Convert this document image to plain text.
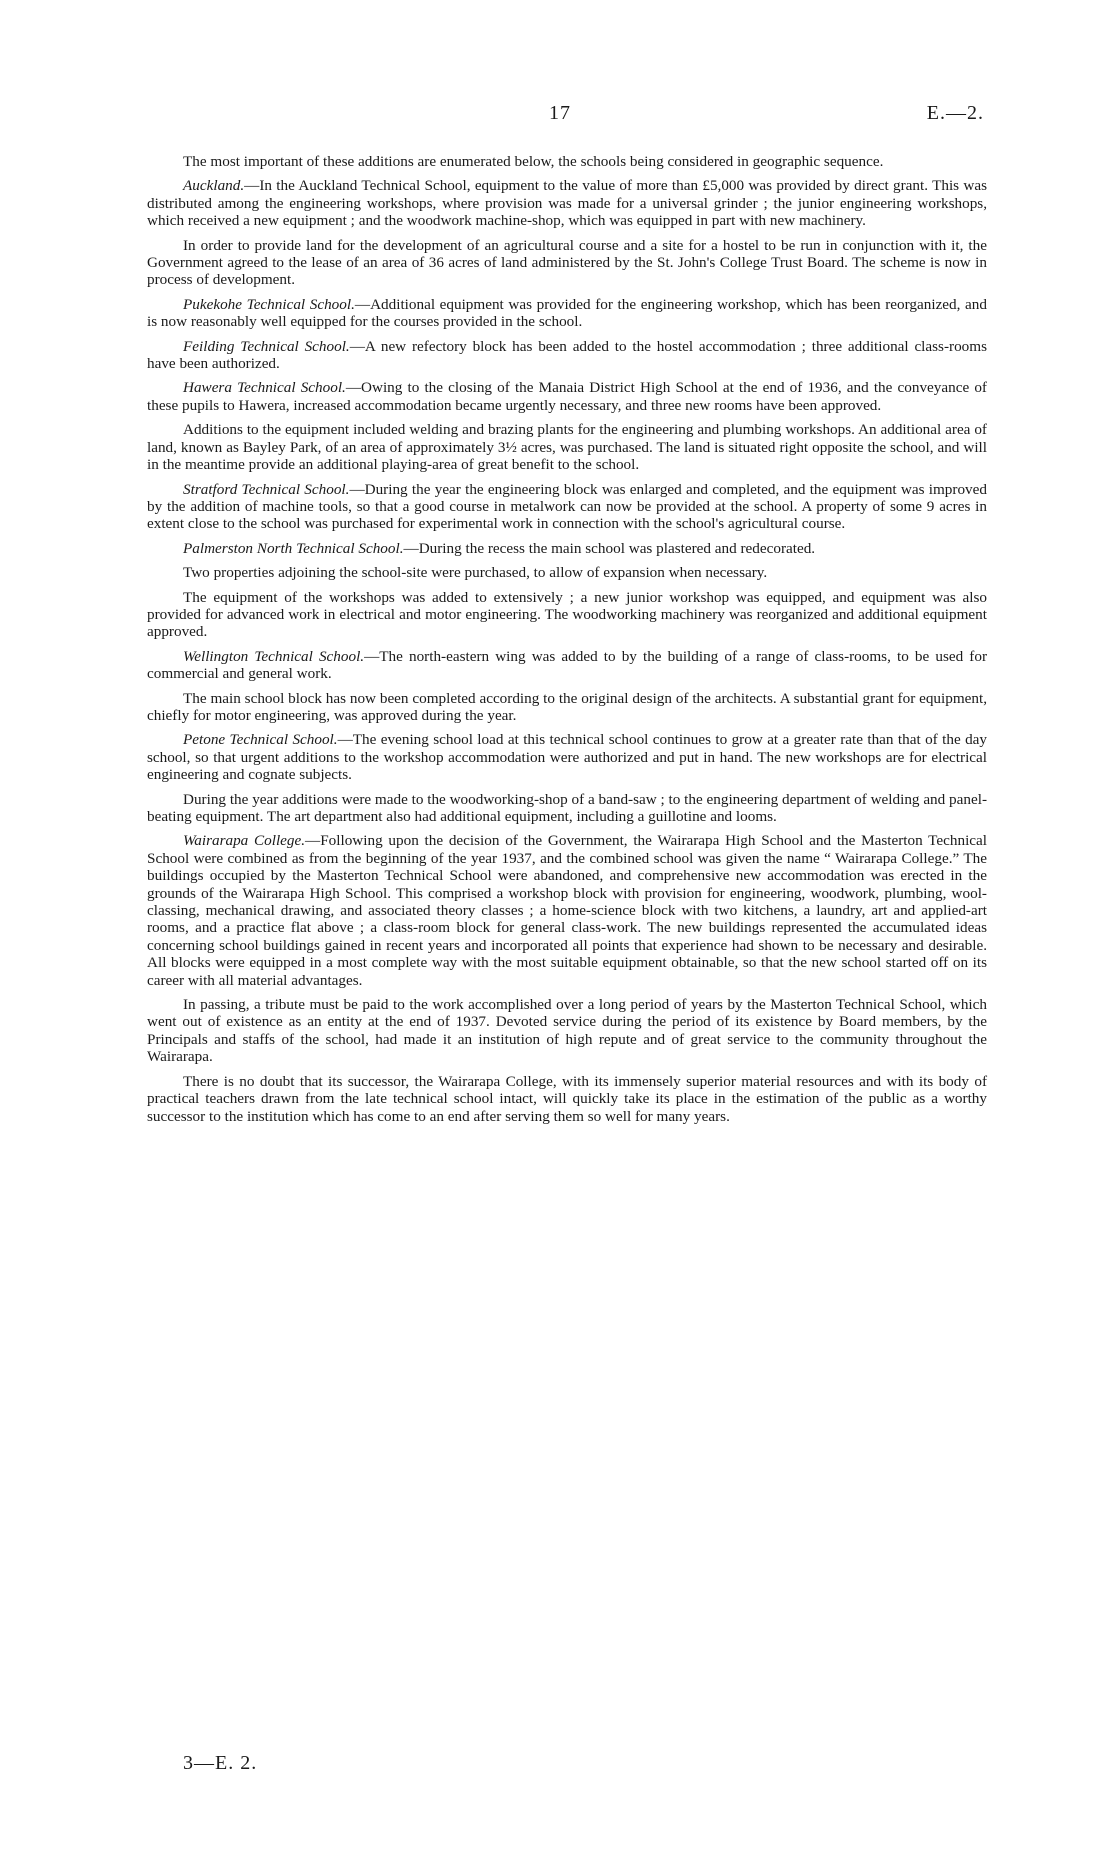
17	E.—2.

The most important of these additions are enumerated below, the schools being considered in geographic sequence.

Auckland.—In the Auckland Technical School, equipment to the value of more than £5,000 was provided by direct grant. This was distributed among the engineering workshops, where provision was made for a universal grinder ; the junior engineering workshops, which received a new equipment ; and the woodwork machine-shop, which was equipped in part with new machinery.

In order to provide land for the development of an agricultural course and a site for a hostel to be run in conjunction with it, the Government agreed to the lease of an area of 36 acres of land administered by the St. John's College Trust Board. The scheme is now in process of development.

Pukekohe Technical School.—Additional equipment was provided for the engineering workshop, which has been reorganized, and is now reasonably well equipped for the courses provided in the school.

Feilding Technical School.—A new refectory block has been added to the hostel accommodation ; three additional class-rooms have been authorized.

Hawera Technical School.—Owing to the closing of the Manaia District High School at the end of 1936, and the conveyance of these pupils to Hawera, increased accommodation became urgently necessary, and three new rooms have been approved.

Additions to the equipment included welding and brazing plants for the engineering and plumbing workshops. An additional area of land, known as Bayley Park, of an area of approximately 3½ acres, was purchased. The land is situated right opposite the school, and will in the meantime provide an additional playing-area of great benefit to the school.

Stratford Technical School.—During the year the engineering block was enlarged and completed, and the equipment was improved by the addition of machine tools, so that a good course in metalwork can now be provided at the school. A property of some 9 acres in extent close to the school was purchased for experimental work in connection with the school's agricultural course.

Palmerston North Technical School.—During the recess the main school was plastered and redecorated.

Two properties adjoining the school-site were purchased, to allow of expansion when necessary.

The equipment of the workshops was added to extensively ; a new junior workshop was equipped, and equipment was also provided for advanced work in electrical and motor engineering. The woodworking machinery was reorganized and additional equipment approved.

Wellington Technical School.—The north-eastern wing was added to by the building of a range of class-rooms, to be used for commercial and general work.

The main school block has now been completed according to the original design of the architects. A substantial grant for equipment, chiefly for motor engineering, was approved during the year.

Petone Technical School.—The evening school load at this technical school continues to grow at a greater rate than that of the day school, so that urgent additions to the workshop accommodation were authorized and put in hand. The new workshops are for electrical engineering and cognate subjects.

During the year additions were made to the woodworking-shop of a band-saw ; to the engineering department of welding and panel-beating equipment. The art department also had additional equipment, including a guillotine and looms.

Wairarapa College.—Following upon the decision of the Government, the Wairarapa High School and the Masterton Technical School were combined as from the beginning of the year 1937, and the combined school was given the name “ Wairarapa College.” The buildings occupied by the Masterton Technical School were abandoned, and comprehensive new accommodation was erected in the grounds of the Wairarapa High School. This comprised a workshop block with provision for engineering, woodwork, plumbing, wool-classing, mechanical drawing, and associated theory classes ; a home-science block with two kitchens, a laundry, art and applied-art rooms, and a practice flat above ; a class-room block for general class-work. The new buildings represented the accumulated ideas concerning school buildings gained in recent years and incorporated all points that experience had shown to be necessary and desirable. All blocks were equipped in a most complete way with the most suitable equipment obtainable, so that the new school started off on its career with all material advantages.

In passing, a tribute must be paid to the work accomplished over a long period of years by the Masterton Technical School, which went out of existence as an entity at the end of 1937. Devoted service during the period of its existence by Board members, by the Principals and staffs of the school, had made it an institution of high repute and of great service to the community throughout the Wairarapa.

There is no doubt that its successor, the Wairarapa College, with its immensely superior material resources and with its body of practical teachers drawn from the late technical school intact, will quickly take its place in the estimation of the public as a worthy successor to the institution which has come to an end after serving them so well for many years.

3—E. 2.
